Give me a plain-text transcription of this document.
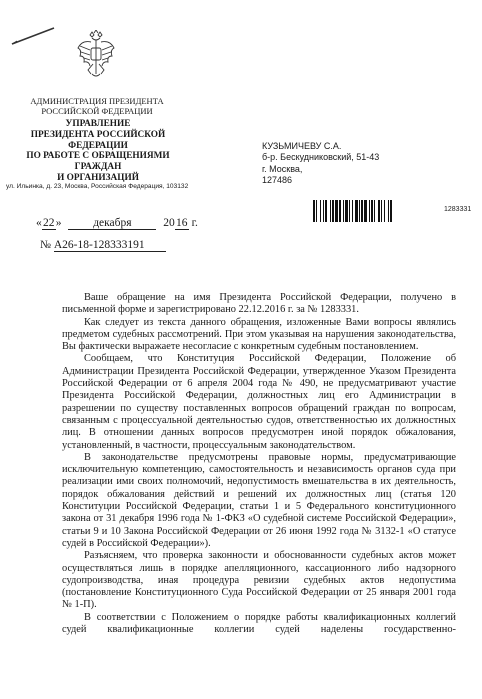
АДМИНИСТРАЦИЯ ПРЕЗИДЕНТА
РОССИЙСКОЙ ФЕДЕРАЦИИ
УПРАВЛЕНИЕ
ПРЕЗИДЕНТА РОССИЙСКОЙ ФЕДЕРАЦИИ
ПО РАБОТЕ С ОБРАЩЕНИЯМИ ГРАЖДАН
И ОРГАНИЗАЦИЙ
ул. Ильинка, д. 23, Москва, Российская Федерация, 103132
КУЗЬМИЧЕВУ С.А.
б-р. Бескудниковский, 51-43
г. Москва,
127486
1283331
«22»	декабря	2016 г.
№ А26-18-128333191

Ваше обращение на имя Президента Российской Федерации, получено в письменной форме и зарегистрировано 22.12.2016 г. за № 1283331.

Как следует из текста данного обращения, изложенные Вами вопросы являлись предметом судебных рассмотрений. При этом указывая на нарушения законодательства, Вы фактически выражаете несогласие с конкретным судебным постановлением.

Сообщаем, что Конституция Российской Федерации, Положение об Администрации Президента Российской Федерации, утвержденное Указом Президента Российской Федерации от 6 апреля 2004 года № 490, не предусматривают участие Президента Российской Федерации, должностных лиц его Администрации в разрешении по существу поставленных вопросов обращений граждан по вопросам, связанным с процессуальной деятельностью судов, ответственностью их должностных лиц. В отношении данных вопросов предусмотрен иной порядок обжалования, установленный, в частности, процессуальным законодательством.

В законодательстве предусмотрены правовые нормы, предусматривающие исключительную компетенцию, самостоятельность и независимость органов суда при реализации ими своих полномочий, недопустимость вмешательства в их деятельность, порядок обжалования действий и решений их должностных лиц (статья 120 Конституции Российской Федерации, статьи 1 и 5 Федерального конституционного закона от 31 декабря 1996 года № 1-ФКЗ «О судебной системе Российской Федерации», статьи 9 и 10 Закона Российской Федерации от 26 июня 1992 года № 3132-1 «О статусе судей в Российской Федерации»).

Разъясняем, что проверка законности и обоснованности судебных актов может осуществляться лишь в порядке апелляционного, кассационного либо надзорного судопроизводства, иная процедура ревизии судебных актов недопустима (постановление Конституционного Суда Российской Федерации от 25 января 2001 года № 1-П).

В соответствии с Положением о порядке работы квалификационных коллегий судей квалификационные коллегии судей наделены государственно-
